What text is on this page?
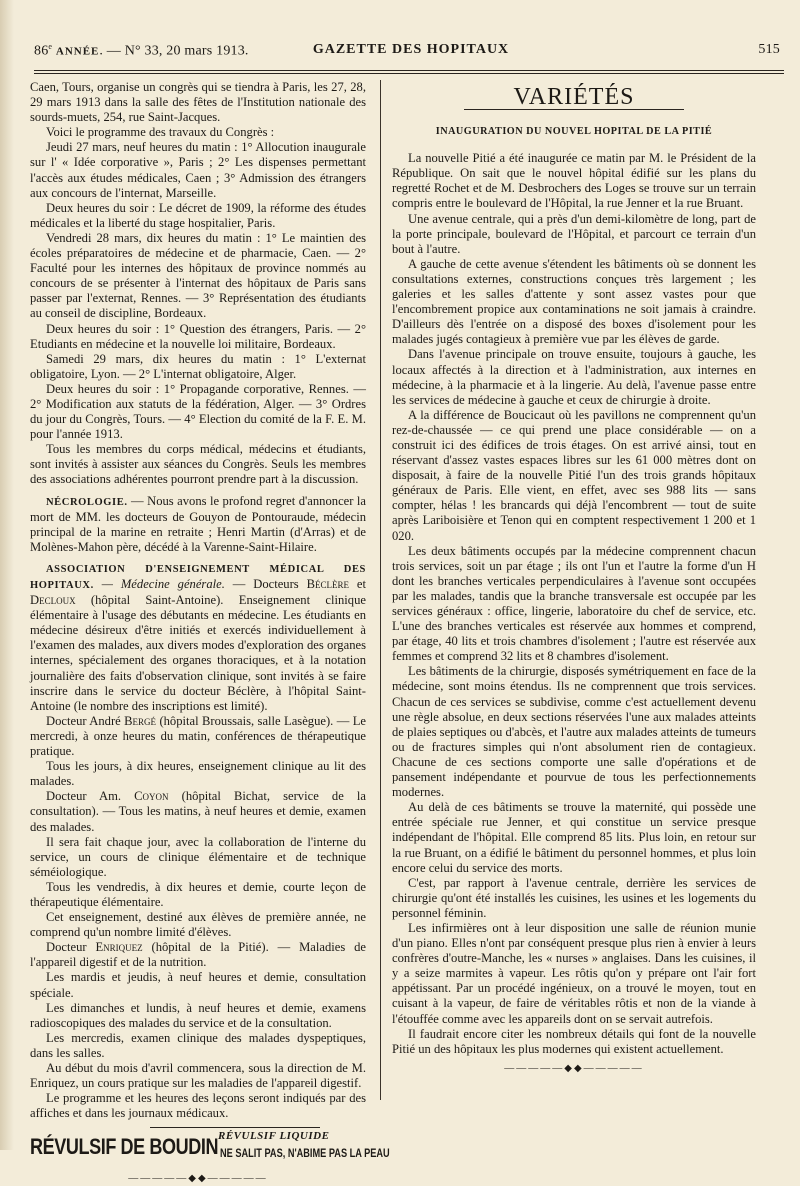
86e ANNÉE. — N° 33, 20 mars 1913.	GAZETTE DES HOPITAUX	515

Caen, Tours, organise un congrès qui se tiendra à Paris, les 27, 28, 29 mars 1913 dans la salle des fêtes de l'Institution nationale des sourds-muets, 254, rue Saint-Jacques.

Voici le programme des travaux du Congrès :

Jeudi 27 mars, neuf heures du matin : 1° Allocution inaugurale sur l' « Idée corporative », Paris ; 2° Les dispenses permettant l'accès aux études médicales, Caen ; 3° Admission des étrangers aux concours de l'internat, Marseille.

Deux heures du soir : Le décret de 1909, la réforme des études médicales et la liberté du stage hospitalier, Paris.

Vendredi 28 mars, dix heures du matin : 1° Le maintien des écoles préparatoires de médecine et de pharmacie, Caen. — 2° Faculté pour les internes des hôpitaux de province nommés au concours de se présenter à l'internat des hôpitaux de Paris sans passer par l'externat, Rennes. — 3° Représentation des étudiants au conseil de discipline, Bordeaux.

Deux heures du soir : 1° Question des étrangers, Paris. — 2° Etudiants en médecine et la nouvelle loi militaire, Bordeaux.

Samedi 29 mars, dix heures du matin : 1° L'externat obligatoire, Lyon. — 2° L'internat obligatoire, Alger.

Deux heures du soir : 1° Propagande corporative, Rennes. — 2° Modification aux statuts de la fédération, Alger. — 3° Ordres du jour du Congrès, Tours. — 4° Election du comité de la F. E. M. pour l'année 1913.

Tous les membres du corps médical, médecins et étudiants, sont invités à assister aux séances du Congrès. Seuls les membres des associations adhérentes pourront prendre part à la discussion.

NÉCROLOGIE. — Nous avons le profond regret d'annoncer la mort de MM. les docteurs de Gouyon de Pontouraude, médecin principal de la marine en retraite ; Henri Martin (d'Arras) et de Molènes-Mahon père, décédé à la Varenne-Saint-Hilaire.

ASSOCIATION D'ENSEIGNEMENT MÉDICAL DES HOPITAUX. — Médecine générale. — Docteurs Béclère et Decloux (hôpital Saint-Antoine). Enseignement clinique élémentaire à l'usage des débutants en médecine. Les étudiants en médecine désireux d'être initiés et exercés individuellement à l'examen des malades, aux divers modes d'exploration des organes internes, spécialement des organes thoraciques, et à la notation journalière des faits d'observation clinique, sont invités à se faire inscrire dans le service du docteur Béclère, à l'hôpital Saint-Antoine (le nombre des inscriptions est limité).

Docteur André Bergé (hôpital Broussais, salle Lasègue). — Le mercredi, à onze heures du matin, conférences de thérapeutique pratique.

Tous les jours, à dix heures, enseignement clinique au lit des malades.

Docteur Am. Coyon (hôpital Bichat, service de la consultation). — Tous les matins, à neuf heures et demie, examen des malades.

Il sera fait chaque jour, avec la collaboration de l'interne du service, un cours de clinique élémentaire et de technique séméiologique.

Tous les vendredis, à dix heures et demie, courte leçon de thérapeutique élémentaire.

Cet enseignement, destiné aux élèves de première année, ne comprend qu'un nombre limité d'élèves.

Docteur Enriquez (hôpital de la Pitié). — Maladies de l'appareil digestif et de la nutrition.

Les mardis et jeudis, à neuf heures et demie, consultation spéciale.

Les dimanches et lundis, à neuf heures et demie, examens radioscopiques des malades du service et de la consultation.

Les mercredis, examen clinique des malades dyspeptiques, dans les salles.

Au début du mois d'avril commencera, sous la direction de M. Enriquez, un cours pratique sur les maladies de l'appareil digestif.

Le programme et les heures des leçons seront indiqués par des affiches et dans les journaux médicaux.

RÉVULSIF LIQUIDE
RÉVULSIF DE BOUDIN NE SALIT PAS, N'ABIME PAS LA PEAU
—————◆◆—————
VARIÉTÉS
INAUGURATION DU NOUVEL HOPITAL DE LA PITIÉ

La nouvelle Pitié a été inaugurée ce matin par M. le Président de la République. On sait que le nouvel hôpital édifié sur les plans du regretté Rochet et de M. Desbrochers des Loges se trouve sur un terrain compris entre le boulevard de l'Hôpital, la rue Jenner et la rue Bruant.

Une avenue centrale, qui a près d'un demi-kilomètre de long, part de la porte principale, boulevard de l'Hôpital, et parcourt ce terrain d'un bout à l'autre.

A gauche de cette avenue s'étendent les bâtiments où se donnent les consultations externes, constructions conçues très largement ; les galeries et les salles d'attente y sont assez vastes pour que l'encombrement propice aux contaminations ne soit jamais à craindre. D'ailleurs dès l'entrée on a disposé des boxes d'isolement pour les malades jugés contagieux à première vue par les élèves de garde.

Dans l'avenue principale on trouve ensuite, toujours à gauche, les locaux affectés à la direction et à l'administration, aux internes en médecine, à la pharmacie et à la lingerie. Au delà, l'avenue passe entre les services de médecine à gauche et ceux de chirurgie à droite.

A la différence de Boucicaut où les pavillons ne comprennent qu'un rez-de-chaussée — ce qui prend une place considérable — on a construit ici des édifices de trois étages. On est arrivé ainsi, tout en réservant d'assez vastes espaces libres sur les 61 000 mètres dont on disposait, à faire de la nouvelle Pitié l'un des trois grands hôpitaux généraux de Paris. Elle vient, en effet, avec ses 988 lits — sans compter, hélas ! les brancards qui déjà l'encombrent — tout de suite après Lariboisière et Tenon qui en comptent respectivement 1 200 et 1 020.

Les deux bâtiments occupés par la médecine comprennent chacun trois services, soit un par étage ; ils ont l'un et l'autre la forme d'un H dont les branches verticales perpendiculaires à l'avenue sont occupées par les malades, tandis que la branche transversale est occupée par les services généraux : office, lingerie, laboratoire du chef de service, etc. L'une des branches verticales est réservée aux hommes et comprend, par étage, 40 lits et trois chambres d'isolement ; l'autre est réservée aux femmes et comprend 32 lits et 8 chambres d'isolement.

Les bâtiments de la chirurgie, disposés symétriquement en face de la médecine, sont moins étendus. Ils ne comprennent que trois services. Chacun de ces services se subdivise, comme c'est actuellement devenu une règle absolue, en deux sections réservées l'une aux malades atteints de plaies septiques ou d'abcès, et l'autre aux malades atteints de tumeurs ou de fractures simples qui n'ont absolument rien de contagieux. Chacune de ces sections comporte une salle d'opérations et de pansement indépendante et pourvue de tous les perfectionnements modernes.

Au delà de ces bâtiments se trouve la maternité, qui possède une entrée spéciale rue Jenner, et qui constitue un service presque indépendant de l'hôpital. Elle comprend 85 lits. Plus loin, en retour sur la rue Bruant, on a édifié le bâtiment du personnel hommes, et plus loin encore celui du service des morts.

C'est, par rapport à l'avenue centrale, derrière les services de chirurgie qu'ont été installés les cuisines, les usines et les logements du personnel féminin.

Les infirmières ont à leur disposition une salle de réunion munie d'un piano. Elles n'ont par conséquent presque plus rien à envier à leurs confrères d'outre-Manche, les « nurses » anglaises. Dans les cuisines, il y a seize marmites à vapeur. Les rôtis qu'on y prépare ont l'air fort appétissant. Par un procédé ingénieux, on a trouvé le moyen, tout en cuisant à la vapeur, de faire de véritables rôtis et non de la viande à l'étouffée comme avec les appareils dont on se servait autrefois.

Il faudrait encore citer les nombreux détails qui font de la nouvelle Pitié un des hôpitaux les plus modernes qui existent actuellement.

—————◆◆—————
